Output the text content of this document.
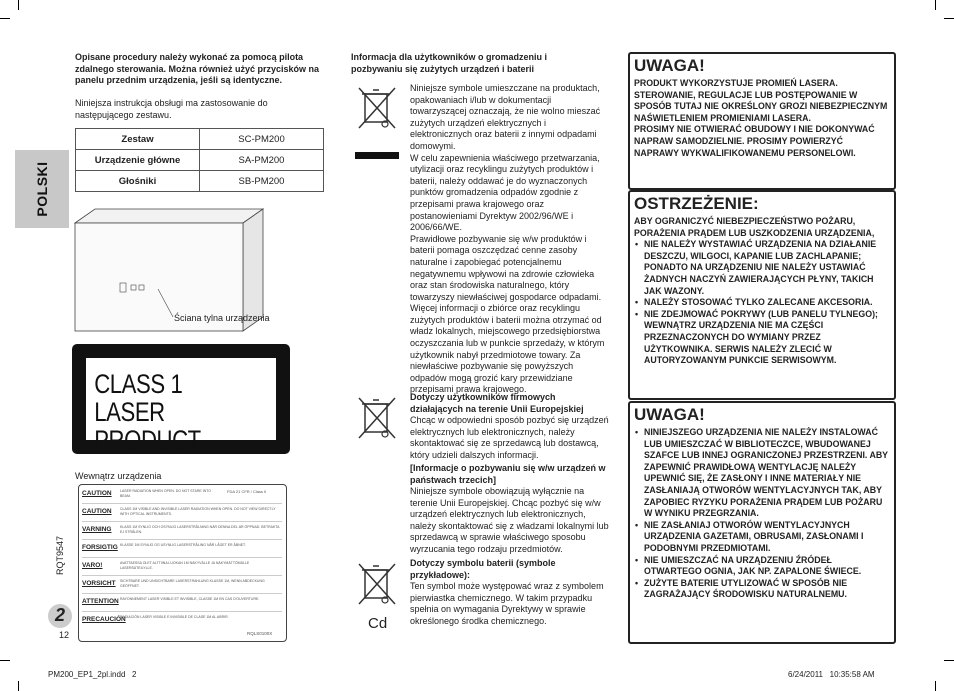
Opisane procedury należy wykonać za pomocą pilota zdalnego sterowania. Można również użyć przycisków na panelu przednim urządzenia, jeśli są identyczne.
Niniejsza instrukcja obsługi ma zastosowanie do następującego zestawu.
Zestaw	SC-PM200
Urządzenie główne	SA-PM200
Głośniki	SB-PM200
POLSKI
Ściana tylna urządzenia
CLASS 1
LASER PRODUCT
Wewnątrz urządzenia
FDA 21 CFR / Class II
CAUTION LASER RADIATION WHEN OPEN. DO NOT STARE INTO BEAM.
CAUTION CLASS 1M VISIBLE AND INVISIBLE LASER RADIATION WHEN OPEN. DO NOT VIEW DIRECTLY WITH OPTICAL INSTRUMENTS.
VARNING KLASS 1M SYNLIG OCH OSYNLIG LASERSTRÅLNING NÄR DENNA DEL ÄR ÖPPNAD. BETRAKTA EJ STRÅLEN.
FORSIGTIG KLASSE 1M SYNLIG OG USYNLIG LASERSTRÅLING NÅR LÅGET ER ÅBNET.
VARO!	AVATTAESSA OLET ALTTIINA LUOKAN 1M NÄKYVÄLLE JA NÄKYMÄTTÖMÄLLE LASERSÄTEILYLLE.
VORSICHT SICHTBARE UND UNSICHTBARE LASERSTRAHLUNG KLASSE 1M, WENN ABDECKUNG GEÖFFNET.
ATTENTION RAYONNEMENT LASER VISIBLE ET INVISIBLE, CLASSE 1M EN CAS D'OUVERTURE.
PRECAUCIÓN
RADIACIÓN LASER VISIBLE E INVISIBLE DE CLASE 1M AL ABRIR.
RQLS0100X
RQT9547
2
12
Informacja dla użytkowników o gromadzeniu i pozbywaniu się zużytych urządzeń i baterii
Niniejsze symbole umieszczane na produktach, opakowaniach i/lub w dokumentacji towarzyszącej oznaczają, że nie wolno mieszać zużytych urządzeń elektrycznych i elektronicznych oraz baterii z innymi odpadami domowymi.
W celu zapewnienia właściwego przetwarzania, utylizacji oraz recyklingu zużytych produktów i baterii, należy oddawać je do wyznaczonych punktów gromadzenia odpadów zgodnie z przepisami prawa krajowego oraz postanowieniami Dyrektyw 2002/96/WE i 2006/66/WE.
Prawidłowe pozbywanie się w/w produktów i baterii pomaga oszczędzać cenne zasoby naturalne i zapobiegać potencjalnemu negatywnemu wpływowi na zdrowie człowieka oraz stan środowiska naturalnego, który towarzyszy niewłaściwej gospodarce odpadami. Więcej informacji o zbiórce oraz recyklingu zużytych produktów i baterii można otrzymać od władz lokalnych, miejscowego przedsiębiorstwa oczyszczania lub w punkcie sprzedaży, w którym użytkownik nabył przedmiotowe towary. Za niewłaściwe pozbywanie się powyższych odpadów mogą grozić kary przewidziane przepisami prawa krajowego.
Dotyczy użytkowników firmowych działających na terenie Unii Europejskiej
Chcąc w odpowiedni sposób pozbyć się urządzeń elektrycznych lub elektronicznych, należy skontaktować się ze sprzedawcą lub dostawcą, który udzieli dalszych informacji.
[Informacje o pozbywaniu się w/w urządzeń w państwach trzecich]
Niniejsze symbole obowiązują wyłącznie na terenie Unii Europejskiej. Chcąc pozbyć się w/w urządzeń elektrycznych lub elektronicznych, należy skontaktować się z władzami lokalnymi lub sprzedawcą w sprawie właściwego sposobu wyrzucania tego rodzaju przedmiotów.
Cd
Dotyczy symbolu baterii (symbole przykładowe):
Ten symbol może występować wraz z symbolem pierwiastka chemicznego. W takim przypadku spełnia on wymagania Dyrektywy w sprawie określonego środka chemicznego.
UWAGA!
PRODUKT WYKORZYSTUJE PROMIEŃ LASERA.
STEROWANIE, REGULACJE LUB POSTĘPOWANIE W SPOSÓB TUTAJ NIE OKREŚLONY GROZI NIEBEZPIECZNYM NAŚWIETLENIEM PROMIENIAMI LASERA.
PROSIMY NIE OTWIERAĆ OBUDOWY I NIE DOKONYWAĆ NAPRAW SAMODZIELNIE. PROSIMY POWIERZYĆ NAPRAWY WYKWALIFIKOWANEMU PERSONELOWI.
OSTRZEŻENIE:
ABY OGRANICZYĆ NIEBEZPIECZEŃSTWO POŻARU, PORAŻENIA PRĄDEM LUB USZKODZENIA URZĄDZENIA,
• NIE NALEŻY WYSTAWIAĆ URZĄDZENIA NA DZIAŁANIE DESZCZU, WILGOCI, KAPANIE LUB ZACHLAPANIE; PONADTO NA URZĄDZENIU NIE NALEŻY USTAWIAĆ ŻADNYCH NACZYŃ ZAWIERAJĄCYCH PŁYNY, TAKICH JAK WAZONY.
• NALEŻY STOSOWAĆ TYLKO ZALECANE AKCESORIA.
• NIE ZDEJMOWAĆ POKRYWY (LUB PANELU TYLNEGO); WEWNĄTRZ URZĄDZENIA NIE MA CZĘŚCI PRZEZNACZONYCH DO WYMIANY PRZEZ UŻYTKOWNIKA. SERWIS NALEŻY ZLECIĆ W AUTORYZOWANYM PUNKCIE SERWISOWYM.
UWAGA!
• NINIEJSZEGO URZĄDZENIA NIE NALEŻY INSTALOWAĆ LUB UMIESZCZAĆ W BIBLIOTECZCE, WBUDOWANEJ SZAFCE LUB INNEJ OGRANICZONEJ PRZESTRZENI. ABY ZAPEWNIĆ PRAWIDŁOWĄ WENTYLACJĘ NALEŻY UPEWNIĆ SIĘ, ŻE ZASŁONY I INNE MATERIAŁY NIE ZASŁANIAJĄ OTWORÓW WENTYLACYJNYCH TAK, ABY ZAPOBIEC RYZYKU PORAŻENIA PRĄDEM LUB POŻARU W WYNIKU PRZEGRZANIA.
• NIE ZASŁANIAJ OTWORÓW WENTYLACYJNYCH URZĄDZENIA GAZETAMI, OBRUSAMI, ZASŁONAMI I PODOBNYMI PRZEDMIOTAMI.
• NIE UMIESZCZAĆ NA URZĄDZENIU ŹRÓDEŁ OTWARTEGO OGNIA, JAK NP. ZAPALONE ŚWIECE.
• ZUŻYTE BATERIE UTYLIZOWAĆ W SPOSÓB NIE ZAGRAŻAJĄCY ŚRODOWISKU NATURALNEMU.
PM200_EP1_2pl.indd   2	6/24/2011   10:35:58 AM
